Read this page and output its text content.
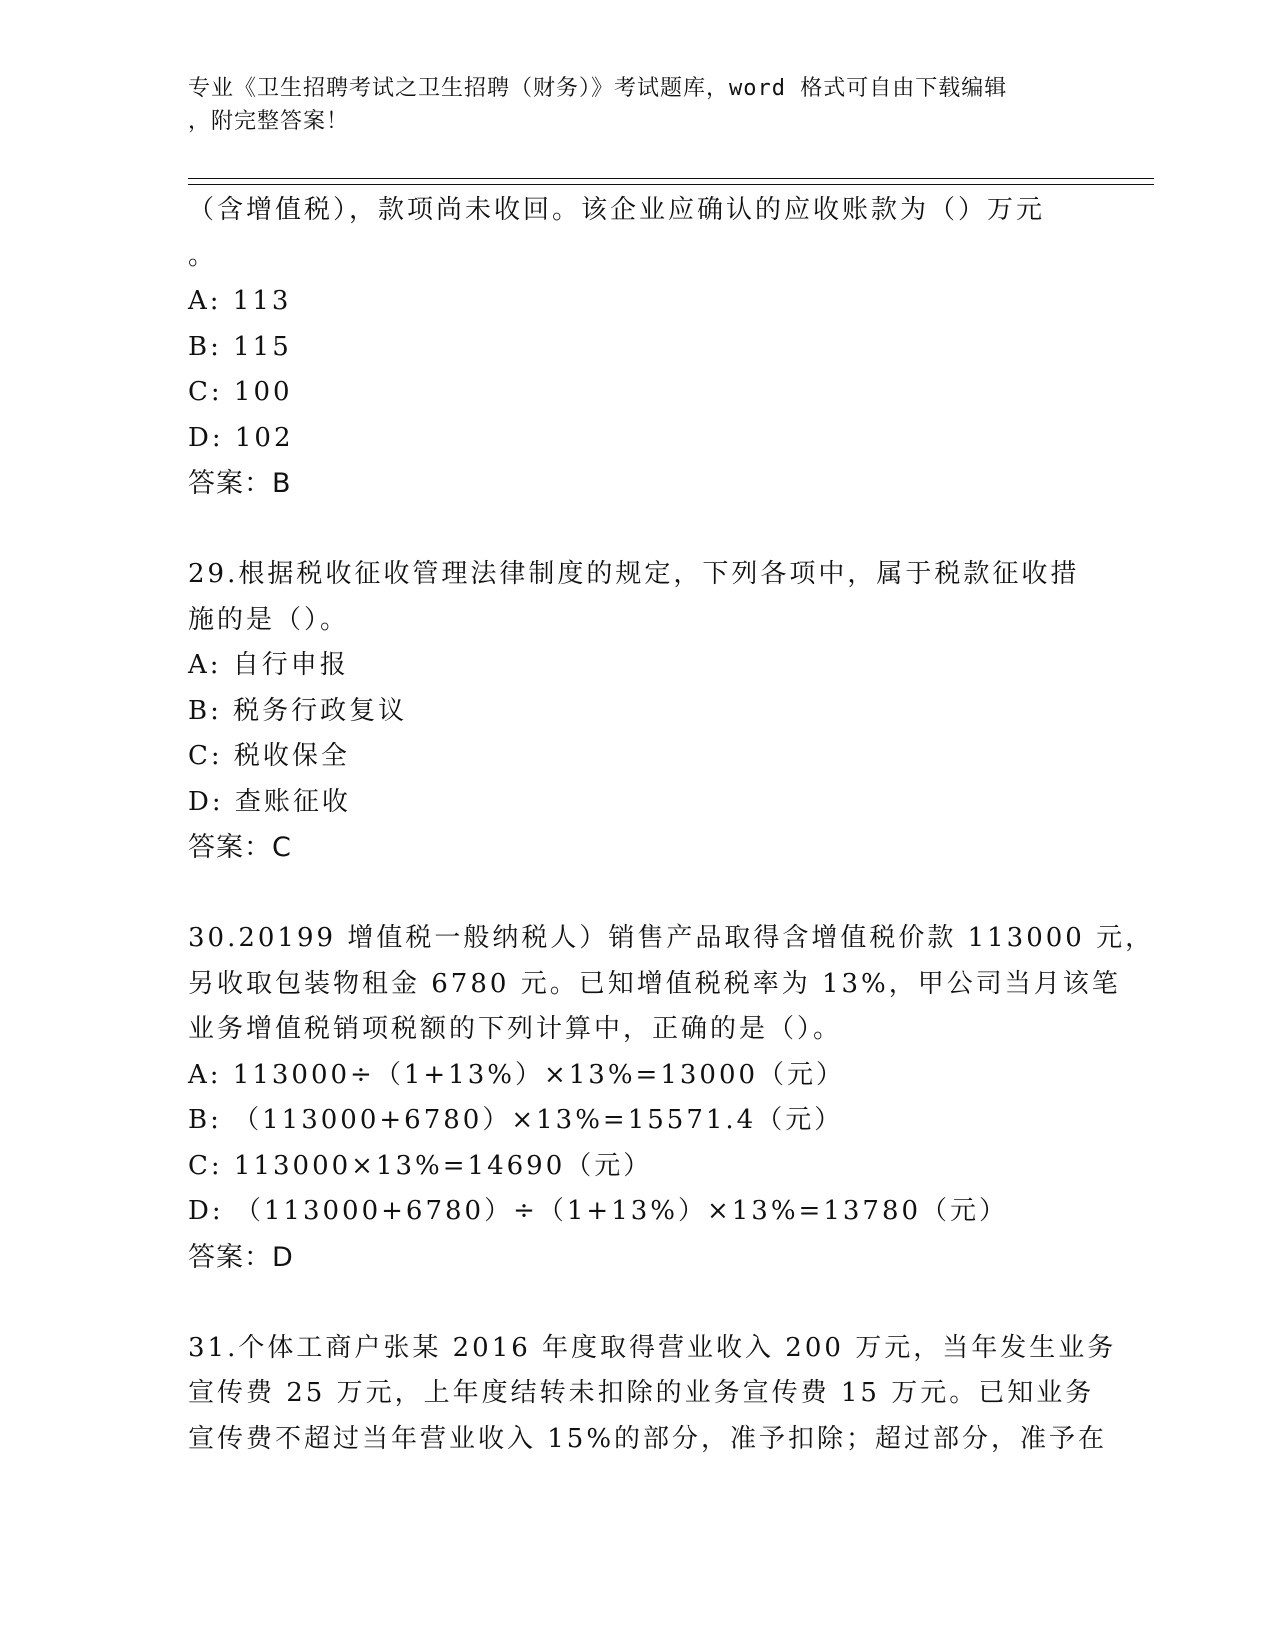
专业《卫生招聘考试之卫生招聘（财务）》考试题库，word 格式可自由下载编辑
，附完整答案！
（含增值税），款项尚未收回。该企业应确认的应收账款为（）万元
。
A: 113
B: 115
C: 100
D: 102
答案：B
29.根据税收征收管理法律制度的规定，下列各项中，属于税款征收措
施的是（）。
A: 自行申报
B: 税务行政复议
C: 税收保全
D: 查账征收
答案：C
30.20199 增值税一般纳税人）销售产品取得含增值税价款 113000 元，
另收取包装物租金 6780 元。已知增值税税率为 13%，甲公司当月该笔
业务增值税销项税额的下列计算中，正确的是（）。
A: 113000÷（1+13%）×13%=13000（元）
B: （113000+6780）×13%=15571.4（元）
C: 113000×13%=14690（元）
D: （113000+6780）÷（1+13%）×13%=13780（元）
答案：D
31.个体工商户张某 2016 年度取得营业收入 200 万元，当年发生业务
宣传费 25 万元，上年度结转未扣除的业务宣传费 15 万元。已知业务
宣传费不超过当年营业收入 15%的部分，准予扣除；超过部分，准予在
